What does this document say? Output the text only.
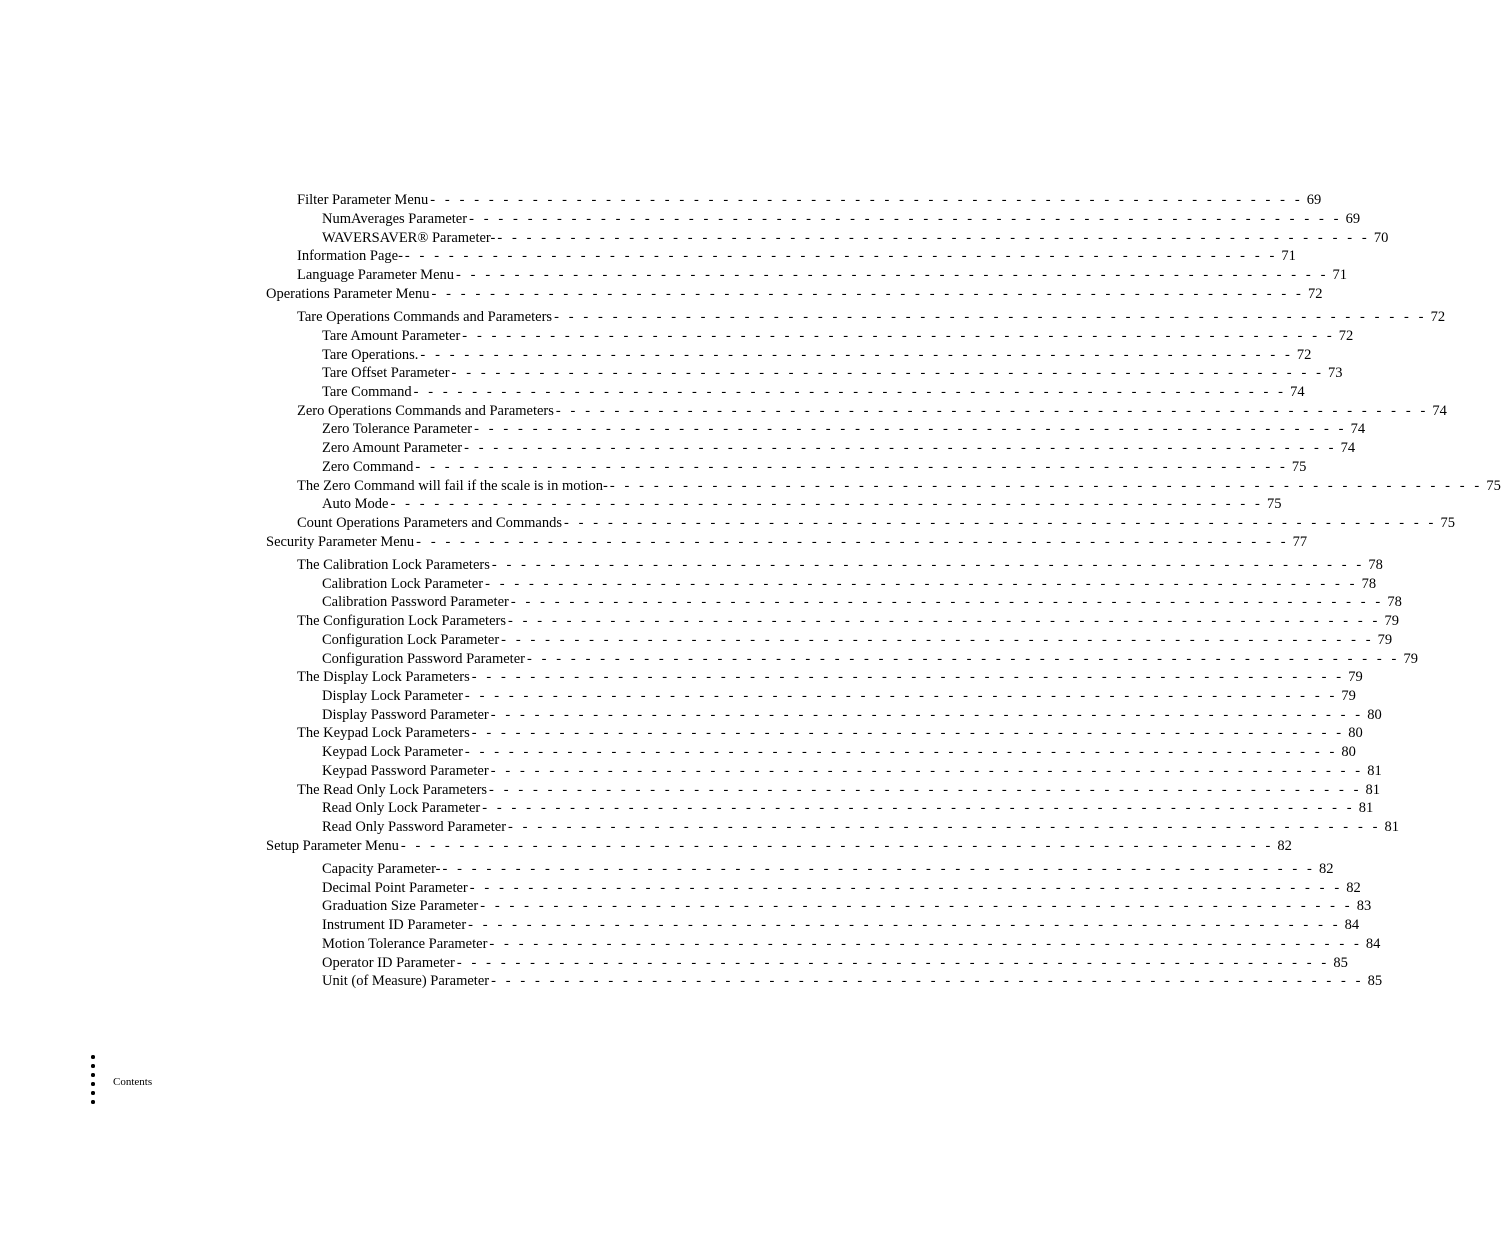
Filter Parameter Menu - - - - - - - - - - - - - - - - - - - - - - - - - - - - - - - - - - - - - - - - - - - - - - - - - - - - - - - - - - - - 69
NumAverages Parameter - - - - - - - - - - - - - - - - - - - - - - - - - - - - - - - - - - - - - - - - - - - - - - - - - - - - - - - - - - - - 69
WAVERSAVER® Parameter- - - - - - - - - - - - - - - - - - - - - - - - - - - - - - - - - - - - - - - - - - - - - - - - - - - - - - - - - - - - - 70
Information Page- - - - - - - - - - - - - - - - - - - - - - - - - - - - - - - - - - - - - - - - - - - - - - - - - - - - - - - - - - - - - 71
Language Parameter Menu - - - - - - - - - - - - - - - - - - - - - - - - - - - - - - - - - - - - - - - - - - - - - - - - - - - - - - - - - - - - 71
Operations Parameter Menu - - - - - - - - - - - - - - - - - - - - - - - - - - - - - - - - - - - - - - - - - - - - - - - - - - - - - - - - - - - - 72
Tare Operations Commands and Parameters - - - - - - - - - - - - - - - - - - - - - - - - - - - - - - - - - - - - - - - - - - - - - - - - - - - - - - - - - - - - 72
Tare Amount Parameter - - - - - - - - - - - - - - - - - - - - - - - - - - - - - - - - - - - - - - - - - - - - - - - - - - - - - - - - - - - - 72
Tare Operations. - - - - - - - - - - - - - - - - - - - - - - - - - - - - - - - - - - - - - - - - - - - - - - - - - - - - - - - - - - - - 72
Tare Offset Parameter - - - - - - - - - - - - - - - - - - - - - - - - - - - - - - - - - - - - - - - - - - - - - - - - - - - - - - - - - - - - 73
Tare Command - - - - - - - - - - - - - - - - - - - - - - - - - - - - - - - - - - - - - - - - - - - - - - - - - - - - - - - - - - - - 74
Zero Operations Commands and Parameters - - - - - - - - - - - - - - - - - - - - - - - - - - - - - - - - - - - - - - - - - - - - - - - - - - - - - - - - - - - - 74
Zero Tolerance Parameter - - - - - - - - - - - - - - - - - - - - - - - - - - - - - - - - - - - - - - - - - - - - - - - - - - - - - - - - - - - - 74
Zero Amount Parameter - - - - - - - - - - - - - - - - - - - - - - - - - - - - - - - - - - - - - - - - - - - - - - - - - - - - - - - - - - - - 74
Zero Command - - - - - - - - - - - - - - - - - - - - - - - - - - - - - - - - - - - - - - - - - - - - - - - - - - - - - - - - - - - - 75
The Zero Command will fail if the scale is in motion- - - - - - - - - - - - - - - - - - - - - - - - - - - - - - - - - - - - - - - - - - - - - - - - - - - - - - - - - - - - - 75
Auto Mode - - - - - - - - - - - - - - - - - - - - - - - - - - - - - - - - - - - - - - - - - - - - - - - - - - - - - - - - - - - - 75
Count Operations Parameters and Commands - - - - - - - - - - - - - - - - - - - - - - - - - - - - - - - - - - - - - - - - - - - - - - - - - - - - - - - - - - - - 75
Security Parameter Menu - - - - - - - - - - - - - - - - - - - - - - - - - - - - - - - - - - - - - - - - - - - - - - - - - - - - - - - - - - - - 77
The Calibration Lock Parameters - - - - - - - - - - - - - - - - - - - - - - - - - - - - - - - - - - - - - - - - - - - - - - - - - - - - - - - - - - - - 78
Calibration Lock Parameter - - - - - - - - - - - - - - - - - - - - - - - - - - - - - - - - - - - - - - - - - - - - - - - - - - - - - - - - - - - - 78
Calibration Password Parameter - - - - - - - - - - - - - - - - - - - - - - - - - - - - - - - - - - - - - - - - - - - - - - - - - - - - - - - - - - - - 78
The Configuration Lock Parameters - - - - - - - - - - - - - - - - - - - - - - - - - - - - - - - - - - - - - - - - - - - - - - - - - - - - - - - - - - - - 79
Configuration Lock Parameter - - - - - - - - - - - - - - - - - - - - - - - - - - - - - - - - - - - - - - - - - - - - - - - - - - - - - - - - - - - - 79
Configuration Password Parameter - - - - - - - - - - - - - - - - - - - - - - - - - - - - - - - - - - - - - - - - - - - - - - - - - - - - - - - - - - - - 79
The Display Lock Parameters - - - - - - - - - - - - - - - - - - - - - - - - - - - - - - - - - - - - - - - - - - - - - - - - - - - - - - - - - - - - 79
Display Lock Parameter - - - - - - - - - - - - - - - - - - - - - - - - - - - - - - - - - - - - - - - - - - - - - - - - - - - - - - - - - - - - 79
Display Password Parameter - - - - - - - - - - - - - - - - - - - - - - - - - - - - - - - - - - - - - - - - - - - - - - - - - - - - - - - - - - - - 80
The Keypad Lock Parameters - - - - - - - - - - - - - - - - - - - - - - - - - - - - - - - - - - - - - - - - - - - - - - - - - - - - - - - - - - - - 80
Keypad Lock Parameter - - - - - - - - - - - - - - - - - - - - - - - - - - - - - - - - - - - - - - - - - - - - - - - - - - - - - - - - - - - - 80
Keypad Password Parameter - - - - - - - - - - - - - - - - - - - - - - - - - - - - - - - - - - - - - - - - - - - - - - - - - - - - - - - - - - - - 81
The Read Only Lock Parameters - - - - - - - - - - - - - - - - - - - - - - - - - - - - - - - - - - - - - - - - - - - - - - - - - - - - - - - - - - - - 81
Read Only Lock Parameter - - - - - - - - - - - - - - - - - - - - - - - - - - - - - - - - - - - - - - - - - - - - - - - - - - - - - - - - - - - - 81
Read Only Password Parameter - - - - - - - - - - - - - - - - - - - - - - - - - - - - - - - - - - - - - - - - - - - - - - - - - - - - - - - - - - - - 81
Setup Parameter Menu - - - - - - - - - - - - - - - - - - - - - - - - - - - - - - - - - - - - - - - - - - - - - - - - - - - - - - - - - - - - 82
Capacity Parameter- - - - - - - - - - - - - - - - - - - - - - - - - - - - - - - - - - - - - - - - - - - - - - - - - - - - - - - - - - - - - 82
Decimal Point Parameter - - - - - - - - - - - - - - - - - - - - - - - - - - - - - - - - - - - - - - - - - - - - - - - - - - - - - - - - - - - - 82
Graduation Size Parameter - - - - - - - - - - - - - - - - - - - - - - - - - - - - - - - - - - - - - - - - - - - - - - - - - - - - - - - - - - - - 83
Instrument ID Parameter - - - - - - - - - - - - - - - - - - - - - - - - - - - - - - - - - - - - - - - - - - - - - - - - - - - - - - - - - - - - 84
Motion Tolerance Parameter - - - - - - - - - - - - - - - - - - - - - - - - - - - - - - - - - - - - - - - - - - - - - - - - - - - - - - - - - - - - 84
Operator ID Parameter - - - - - - - - - - - - - - - - - - - - - - - - - - - - - - - - - - - - - - - - - - - - - - - - - - - - - - - - - - - - 85
Unit (of Measure) Parameter - - - - - - - - - - - - - - - - - - - - - - - - - - - - - - - - - - - - - - - - - - - - - - - - - - - - - - - - - - - - 85
Contents
